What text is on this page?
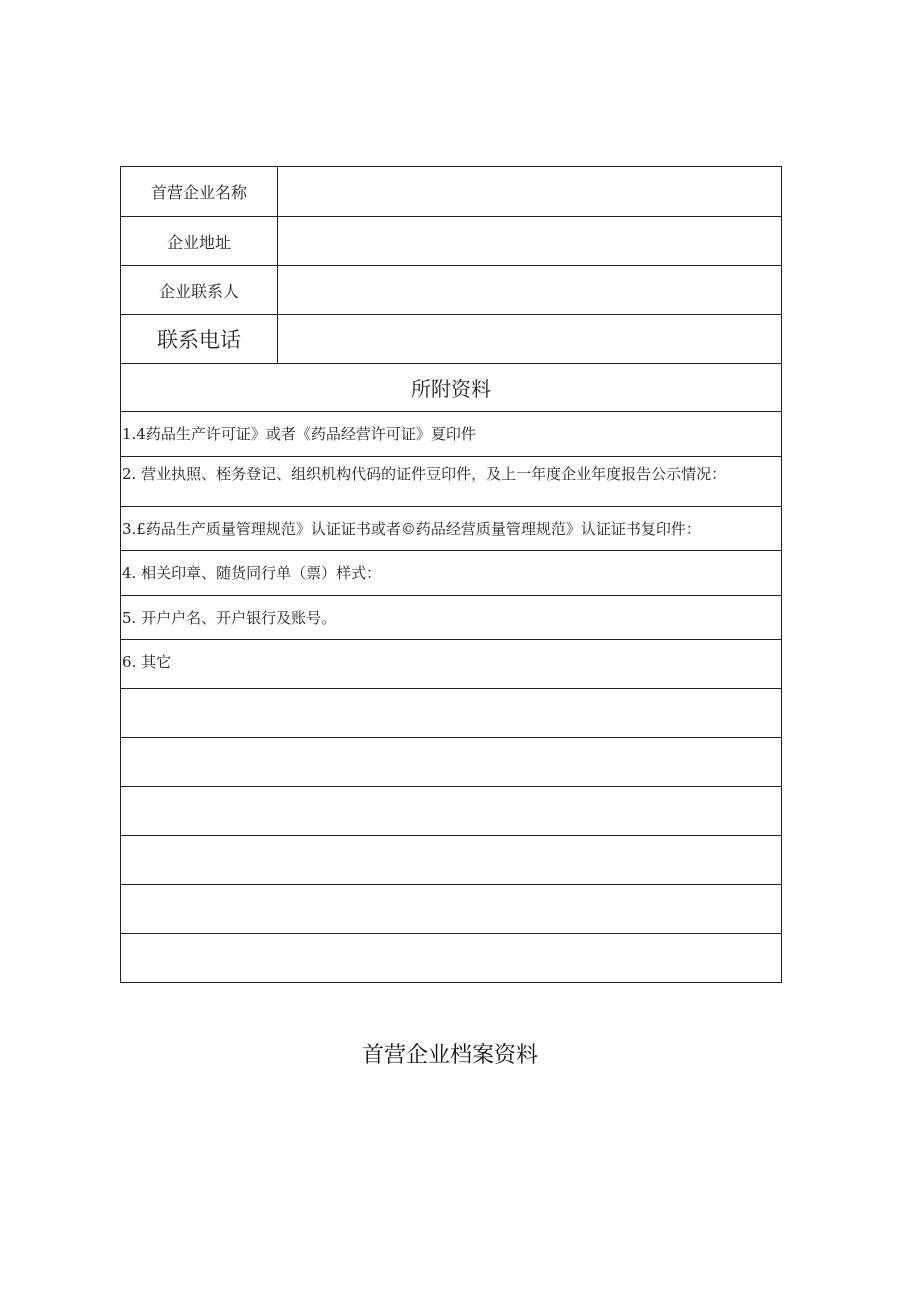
首营企业名称
企业地址
企业联系人
联系电话
所附资料
1.4药品生产许可证》或者《药品经营许可证》夏印件
2. 营业执照、桎务登记、组织机构代码的证件豆印件，及上一年度企业年度报告公示情况：
3.£药品生产质量管理规范》认证证书或者©药品经营质量管理规范》认证证书复印件：
4. 相关印章、随货同行单（票）样式：
5. 开户户名、开户银行及账号。
6. 其它
首营企业档案资料
